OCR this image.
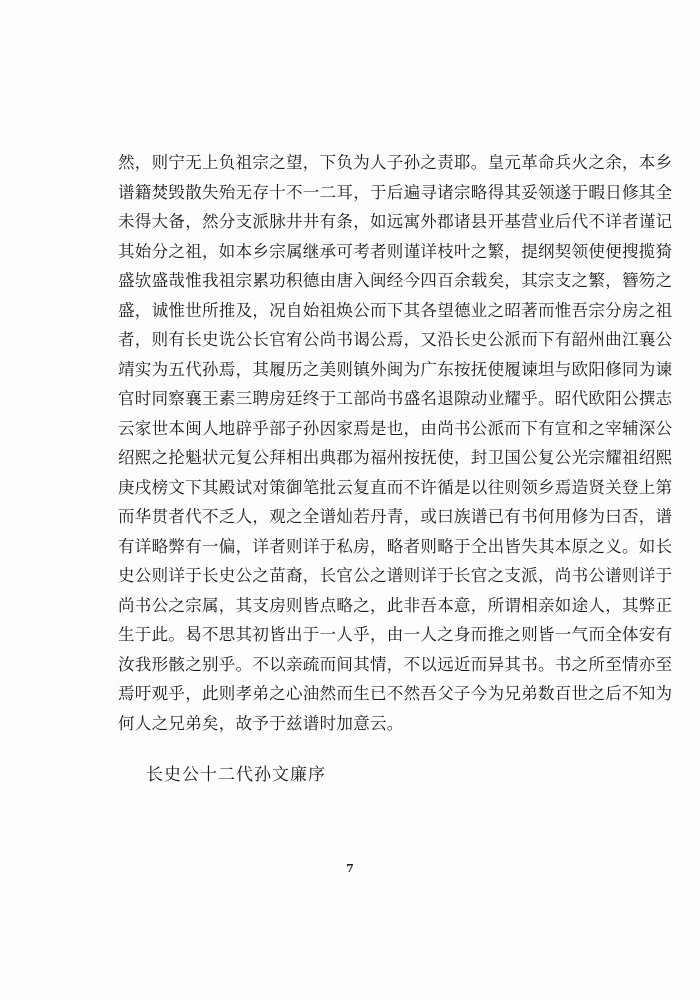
然，则宁无上负祖宗之望，下负为人子孙之责耶。皇元革命兵火之余，本乡
谱籍焚毁散失殆无存十不一二耳，于后遍寻诸宗略得其妥领遂于暇日修其全
未得大备，然分支派脉井井有条，如远寓外郡诸县开基营业后代不详者谨记
其始分之祖，如本乡宗属继承可考者则谨详枝叶之繁，提纲契领使便搜揽猗
盛欤盛哉惟我祖宗累功积德由唐入闽经今四百余载矣，其宗支之繁，簪笏之
盛，诚惟世所推及，况自始祖焕公而下其各望德业之昭著而惟吾宗分房之祖
者，则有长史诜公长官宥公尚书谒公焉，又沿长史公派而下有韶州曲江襄公
靖实为五代孙焉，其履历之美则镇外闽为广东按抚使履谏坦与欧阳修同为谏
官时同察襄王素三聘房廷终于工部尚书盛名退隙动业耀乎。昭代欧阳公撰志
云家世本闽人地辟乎部子孙因家焉是也，由尚书公派而下有宣和之宰辅深公
绍熙之抡魁状元复公拜相出典郡为福州按抚使，封卫国公复公光宗耀祖绍熙
庚戌榜文下其殿试对策御笔批云复直而不许循是以往则领乡焉造贤关登上第
而华贯者代不乏人，观之全谱灿若丹青，或曰族谱已有书何用修为曰否，谱
有详略弊有一偏，详者则详于私房，略者则略于仝出皆失其本原之义。如长
史公则详于长史公之苗裔，长官公之谱则详于长官之支派，尚书公谱则详于
尚书公之宗属，其支房则皆点略之，此非吾本意，所谓相亲如途人，其弊正
生于此。曷不思其初皆出于一人乎，由一人之身而推之则皆一气而全体安有
汝我形骸之别乎。不以亲疏而间其情，不以远近而异其书。书之所至情亦至
焉吁观乎，此则孝弟之心油然而生已不然吾父子今为兄弟数百世之后不知为
何人之兄弟矣，故予于兹谱时加意云。
长史公十二代孙文廉序
7
